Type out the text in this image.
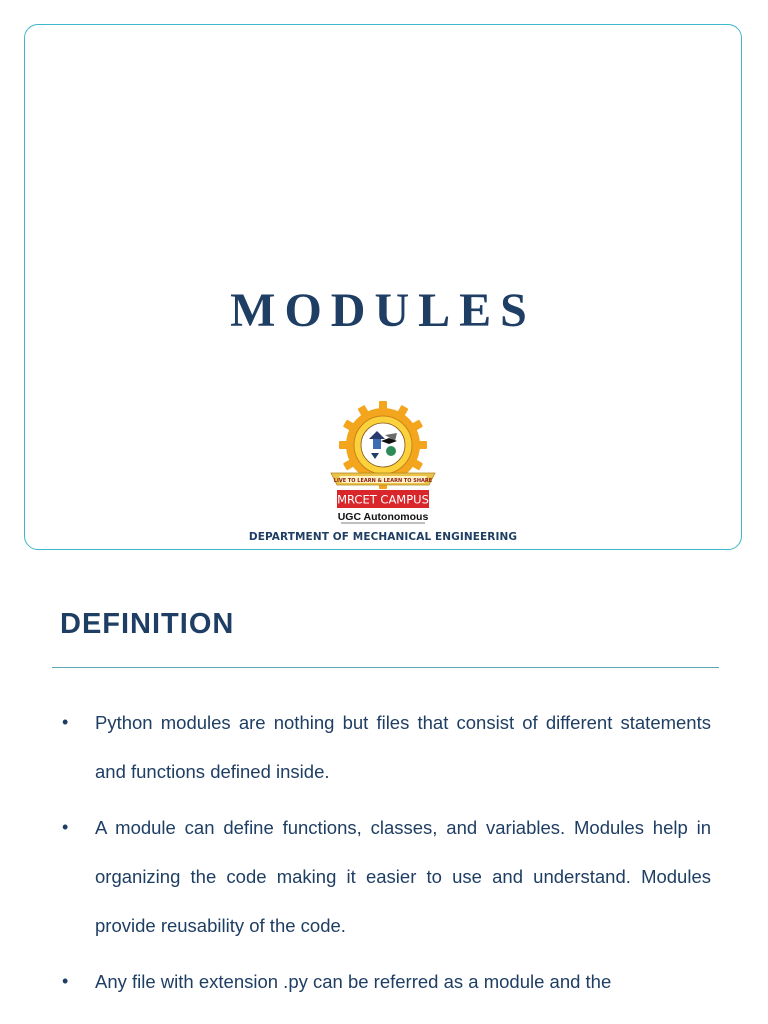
MODULES
LIVE TO LEARN & LEARN TO SHARE
MRCET CAMPUS
UGC Autonomous
DEPARTMENT OF MECHANICAL ENGINEERING
DEFINITION
• Python modules are nothing but files that consist of different statements and functions defined inside.
• A module can define functions, classes, and variables. Modules help in organizing the code making it easier to use and understand. Modules provide reusability of the code.
• Any file with extension .py can be referred as a module and the
